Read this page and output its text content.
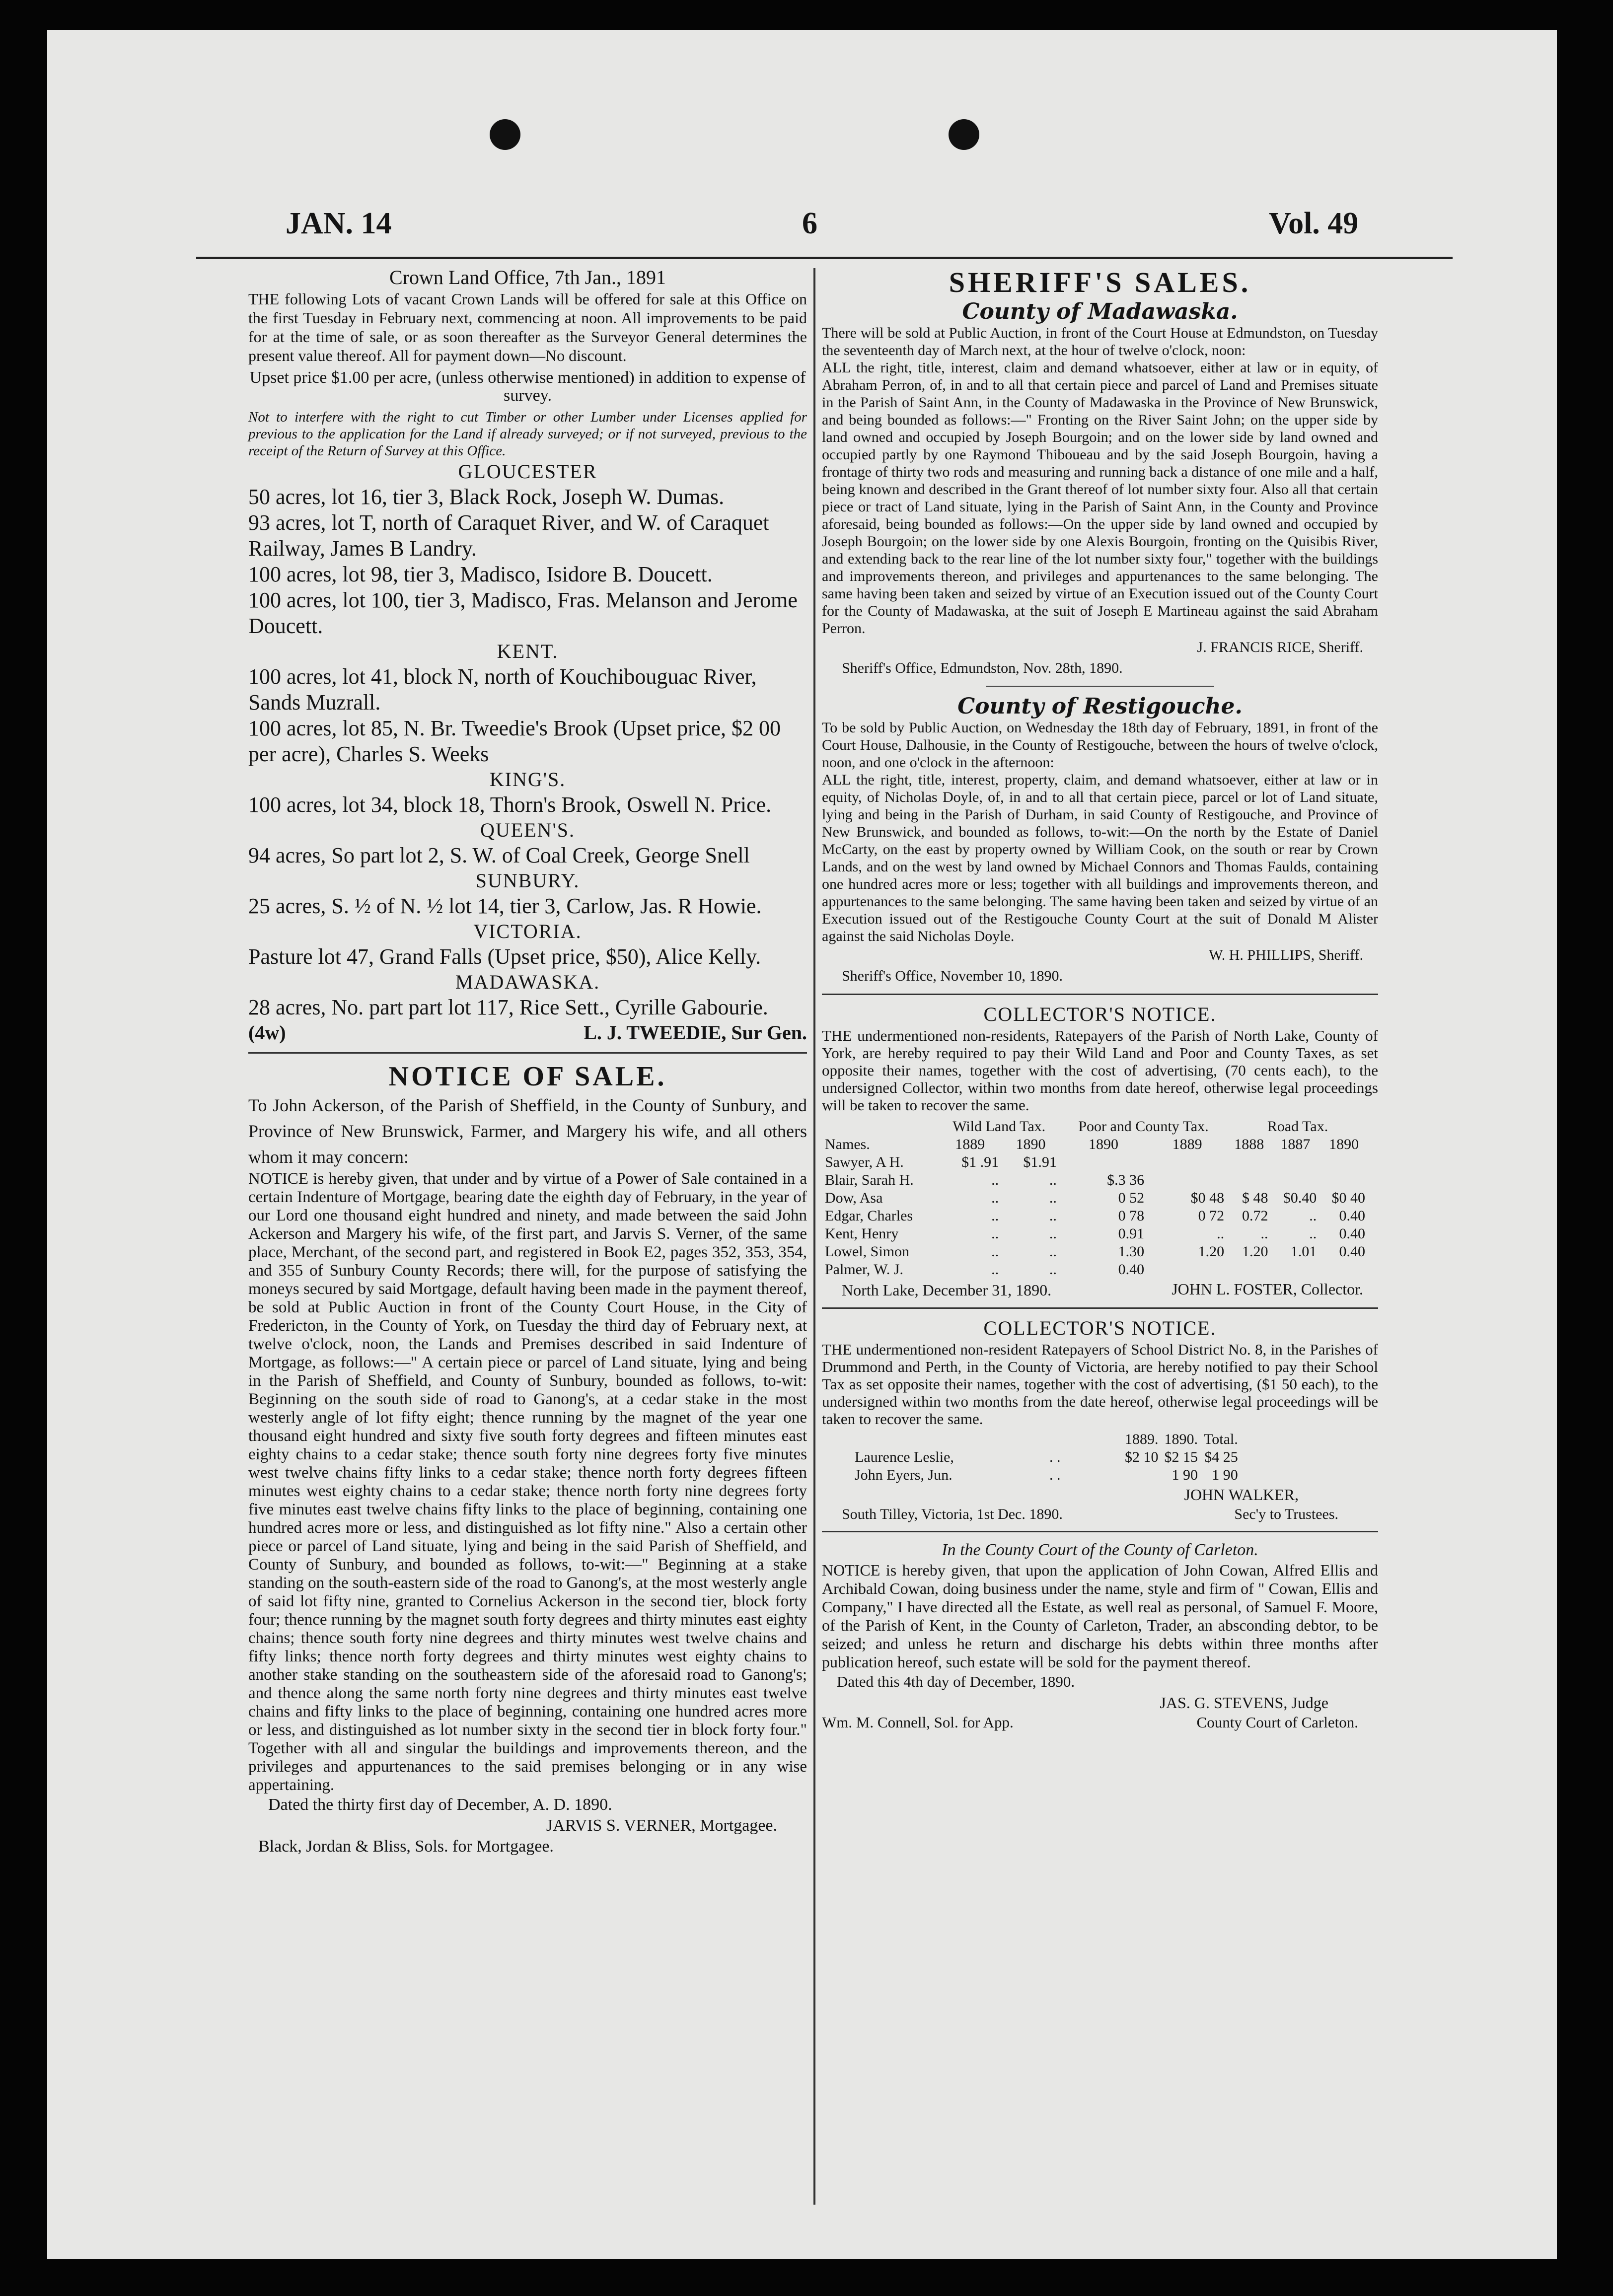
JAN. 14	6	Vol. 49

Crown Land Office, 7th Jan., 1891

THE following Lots of vacant Crown Lands will be offered for sale at this Office on the first Tuesday in February next, commencing at noon. All improvements to be paid for at the time of sale, or as soon thereafter as the Surveyor General determines the present value thereof. All for payment down—No discount.

Upset price $1.00 per acre, (unless otherwise mentioned) in addition to expense of survey.

Not to interfere with the right to cut Timber or other Lumber under Licenses applied for previous to the application for the Land if already surveyed; or if not surveyed, previous to the receipt of the Return of Survey at this Office.

GLOUCESTER

50 acres, lot 16, tier 3, Black Rock, Joseph W. Dumas.

93 acres, lot T, north of Caraquet River, and W. of Caraquet Railway, James B Landry.

100 acres, lot 98, tier 3, Madisco, Isidore B. Doucett.

100 acres, lot 100, tier 3, Madisco, Fras. Melanson and Jerome Doucett.

KENT.

100 acres, lot 41, block N, north of Kouchibouguac River, Sands Muzrall.

100 acres, lot 85, N. Br. Tweedie's Brook (Upset price, $2 00 per acre), Charles S. Weeks

KING'S.

100 acres, lot 34, block 18, Thorn's Brook, Oswell N. Price.

QUEEN'S.

94 acres, So part lot 2, S. W. of Coal Creek, George Snell

SUNBURY.

25 acres, S. ½ of N. ½ lot 14, tier 3, Carlow, Jas. R Howie.

VICTORIA.

Pasture lot 47, Grand Falls (Upset price, $50), Alice Kelly.

MADAWASKA.

28 acres, No. part part lot 117, Rice Sett., Cyrille Gabourie.

(4w)	L. J. TWEEDIE, Sur Gen.

NOTICE OF SALE.

To John Ackerson, of the Parish of Sheffield, in the County of Sunbury, and Province of New Brunswick, Farmer, and Margery his wife, and all others whom it may concern:

NOTICE is hereby given, that under and by virtue of a Power of Sale contained in a certain Indenture of Mortgage, bearing date the eighth day of February, in the year of our Lord one thousand eight hundred and ninety, and made between the said John Ackerson and Margery his wife, of the first part, and Jarvis S. Verner, of the same place, Merchant, of the second part, and registered in Book E2, pages 352, 353, 354, and 355 of Sunbury County Records; there will, for the purpose of satisfying the moneys secured by said Mortgage, default having been made in the payment thereof, be sold at Public Auction in front of the County Court House, in the City of Fredericton, in the County of York, on Tuesday the third day of February next, at twelve o'clock, noon, the Lands and Premises described in said Indenture of Mortgage, as follows:—" A certain piece or parcel of Land situate, lying and being in the Parish of Sheffield, and County of Sunbury, bounded as follows, to-wit: Beginning on the south side of road to Ganong's, at a cedar stake in the most westerly angle of lot fifty eight; thence running by the magnet of the year one thousand eight hundred and sixty five south forty degrees and fifteen minutes east eighty chains to a cedar stake; thence south forty nine degrees forty five minutes west twelve chains fifty links to a cedar stake; thence north forty degrees fifteen minutes west eighty chains to a cedar stake; thence north forty nine degrees forty five minutes east twelve chains fifty links to the place of beginning, containing one hundred acres more or less, and distinguished as lot fifty nine." Also a certain other piece or parcel of Land situate, lying and being in the said Parish of Sheffield, and County of Sunbury, and bounded as follows, to-wit:—" Beginning at a stake standing on the south-eastern side of the road to Ganong's, at the most westerly angle of said lot fifty nine, granted to Cornelius Ackerson in the second tier, block forty four; thence running by the magnet south forty degrees and thirty minutes east eighty chains; thence south forty nine degrees and thirty minutes west twelve chains and fifty links; thence north forty degrees and thirty minutes west eighty chains to another stake standing on the southeastern side of the aforesaid road to Ganong's; and thence along the same north forty nine degrees and thirty minutes east twelve chains and fifty links to the place of beginning, containing one hundred acres more or less, and distinguished as lot number sixty in the second tier in block forty four." Together with all and singular the buildings and improvements thereon, and the privileges and appurtenances to the said premises belonging or in any wise appertaining.

Dated the thirty first day of December, A. D. 1890.

JARVIS S. VERNER, Mortgagee.

Black, Jordan & Bliss, Sols. for Mortgagee.

SHERIFF'S SALES.

County of Madawaska.

There will be sold at Public Auction, in front of the Court House at Edmundston, on Tuesday the seventeenth day of March next, at the hour of twelve o'clock, noon:

ALL the right, title, interest, claim and demand whatsoever, either at law or in equity, of Abraham Perron, of, in and to all that certain piece and parcel of Land and Premises situate in the Parish of Saint Ann, in the County of Madawaska in the Province of New Brunswick, and being bounded as follows:—" Fronting on the River Saint John; on the upper side by land owned and occupied by Joseph Bourgoin; and on the lower side by land owned and occupied partly by one Raymond Thiboueau and by the said Joseph Bourgoin, having a frontage of thirty two rods and measuring and running back a distance of one mile and a half, being known and described in the Grant thereof of lot number sixty four. Also all that certain piece or tract of Land situate, lying in the Parish of Saint Ann, in the County and Province aforesaid, being bounded as follows:—On the upper side by land owned and occupied by Joseph Bourgoin; on the lower side by one Alexis Bourgoin, fronting on the Quisibis River, and extending back to the rear line of the lot number sixty four," together with the buildings and improvements thereon, and privileges and appurtenances to the same belonging. The same having been taken and seized by virtue of an Execution issued out of the County Court for the County of Madawaska, at the suit of Joseph E Martineau against the said Abraham Perron.

J. FRANCIS RICE, Sheriff.

Sheriff's Office, Edmundston, Nov. 28th, 1890.

County of Restigouche.

To be sold by Public Auction, on Wednesday the 18th day of February, 1891, in front of the Court House, Dalhousie, in the County of Restigouche, between the hours of twelve o'clock, noon, and one o'clock in the afternoon:

ALL the right, title, interest, property, claim, and demand whatsoever, either at law or in equity, of Nicholas Doyle, of, in and to all that certain piece, parcel or lot of Land situate, lying and being in the Parish of Durham, in said County of Restigouche, and Province of New Brunswick, and bounded as follows, to-wit:—On the north by the Estate of Daniel McCarty, on the east by property owned by William Cook, on the south or rear by Crown Lands, and on the west by land owned by Michael Connors and Thomas Faulds, containing one hundred acres more or less; together with all buildings and improvements thereon, and appurtenances to the same belonging. The same having been taken and seized by virtue of an Execution issued out of the Restigouche County Court at the suit of Donald M Alister against the said Nicholas Doyle.

W. H. PHILLIPS, Sheriff.

Sheriff's Office, November 10, 1890.

COLLECTOR'S NOTICE.

THE undermentioned non-residents, Ratepayers of the Parish of North Lake, County of York, are hereby required to pay their Wild Land and Poor and County Taxes, as set opposite their names, together with the cost of advertising, (70 cents each), to the undersigned Collector, within two months from date hereof, otherwise legal proceedings will be taken to recover the same.

Names.	Wild Land Tax.		Poor and County Tax.		Road Tax.		
	1889	1890	1890	1889	1888	1887	1890
Sawyer, A H.	$1 .91	$1.91					
Blair, Sarah H.	..	..	$.3 36				
Dow, Asa	..	..	0 52	$0 48	$ 48	$0.40	$0 40
Edgar, Charles	..	..	0 78	0 72	0.72	..	0.40
Kent, Henry	..	..	0.91	..	..	..	0.40
Lowel, Simon	..	..	1.30	1.20	1.20	1.01	0.40
Palmer, W. J.	..	..	0.40				

JOHN L. FOSTER, Collector.

North Lake, December 31, 1890.

COLLECTOR'S NOTICE.

THE undermentioned non-resident Ratepayers of School District No. 8, in the Parishes of Drummond and Perth, in the County of Victoria, are hereby notified to pay their School Tax as set opposite their names, together with the cost of advertising, ($1 50 each), to the undersigned within two months from the date hereof, otherwise legal proceedings will be taken to recover the same.

		1889.	1890.	Total.
Laurence Leslie,	. .	$2 10	$2 15	$4 25
John Eyers, Jun.	. .		1 90	1 90

JOHN WALKER,

South Tilley, Victoria, 1st Dec. 1890.	Sec'y to Trustees.

In the County Court of the County of Carleton.

NOTICE is hereby given, that upon the application of John Cowan, Alfred Ellis and Archibald Cowan, doing business under the name, style and firm of " Cowan, Ellis and Company," I have directed all the Estate, as well real as personal, of Samuel F. Moore, of the Parish of Kent, in the County of Carleton, Trader, an absconding debtor, to be seized; and unless he return and discharge his debts within three months after publication hereof, such estate will be sold for the payment thereof.

Dated this 4th day of December, 1890.

JAS. G. STEVENS, Judge

Wm. M. Connell, Sol. for App.	County Court of Carleton.
